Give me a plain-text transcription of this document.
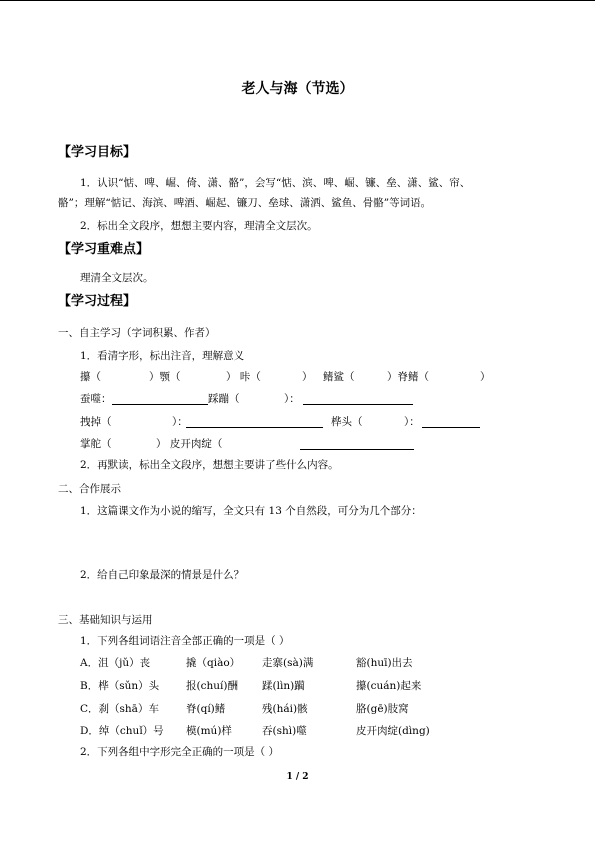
老人与海（节选）
【学习目标】
1．认识“惦、啤、崛、倚、潇、骼”，会写“惦、滨、啤、崛、镰、垒、潇、鲨、帘、
骼”；理解“惦记、海滨、啤酒、崛起、镰刀、垒球、潇洒、鲨鱼、骨骼”等词语。
2．标出全文段序，想想主要内容，理清全文层次。
【学习重难点】
理清全文层次。
【学习过程】
一、自主学习（字词积累、作者）
1．看清字形，标出注音，理解意义
攥（	）颚（	） 咔（	） 鳍鲨（	）脊鳍（	）
蚕噬：	踩蹦（	）：
拽掉（	）：	桦头（	）：
掌舵（	） 皮开肉绽（
2．再默读，标出全文段序，想想主要讲了些什么内容。
二、合作展示
1．这篇课文作为小说的缩写，全文只有 13 个自然段，可分为几个部分：
2．给自己印象最深的情景是什么？
三、基础知识与运用
1．下列各组词语注音全部正确的一项是（ ）
A．沮（jǔ）丧	撬（qiào） 走寨(sà)满	豁(huī)出去
B．桦（sǔn）头	报(chuí)酬 蹂(lìn)躏	攥(cuán)起来
C．刹（shā）车	脊(qí)鳍	残(hái)骸	胳(gē)肢窝
D．绰（chuǐ）号 模(mú)样	吞(shì)噬	皮开肉绽(dìng)
2．下列各组中字形完全正确的一项是（ ）
1 / 2
